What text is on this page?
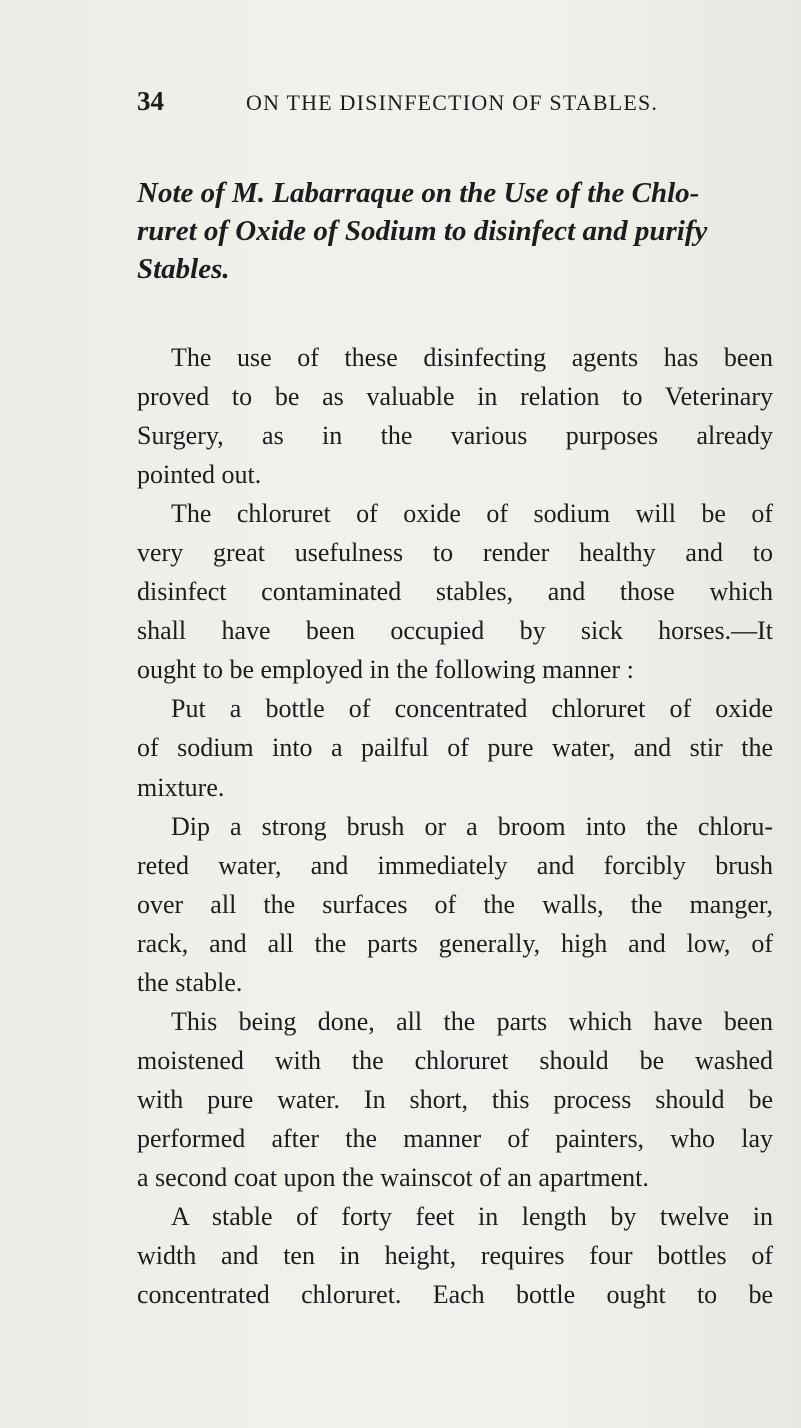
34	ON THE DISINFECTION OF STABLES.
Note of M. Labarraque on the Use of the Chlo-
ruret of Oxide of Sodium to disinfect and purify
Stables.
The use of these disinfecting agents has been
proved to be as valuable in relation to Veterinary
Surgery, as in the various purposes already
pointed out.
The chloruret of oxide of sodium will be of
very great usefulness to render healthy and to
disinfect contaminated stables, and those which
shall have been occupied by sick horses.—It
ought to be employed in the following manner :
Put a bottle of concentrated chloruret of oxide
of sodium into a pailful of pure water, and stir the
mixture.
Dip a strong brush or a broom into the chloru-
reted water, and immediately and forcibly brush
over all the surfaces of the walls, the manger,
rack, and all the parts generally, high and low, of
the stable.
This being done, all the parts which have been
moistened with the chloruret should be washed
with pure water. In short, this process should be
performed after the manner of painters, who lay
a second coat upon the wainscot of an apartment.
A stable of forty feet in length by twelve in
width and ten in height, requires four bottles of
concentrated chloruret. Each bottle ought to be
